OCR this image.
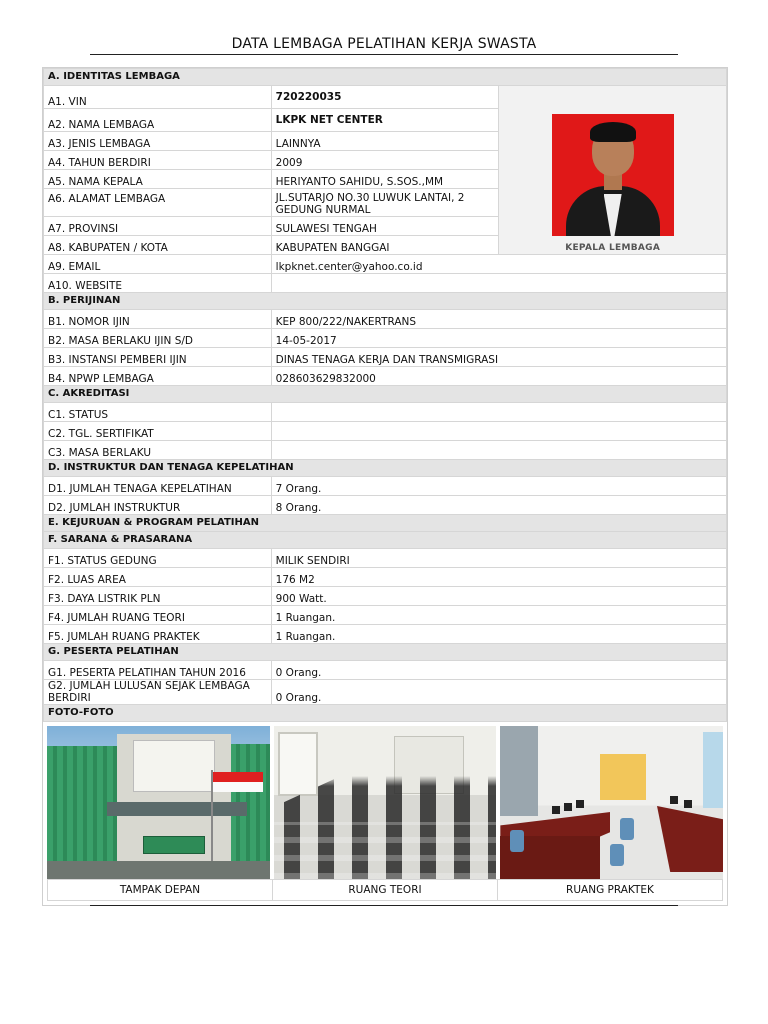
DATA LEMBAGA PELATIHAN KERJA SWASTA
A. IDENTITAS LEMBAGA		
A1. VIN	720220035	KEPALA LEMBAGA

A2. NAMA LEMBAGA	LKPK NET CENTER	
A3. JENIS LEMBAGA	LAINNYA	
A4. TAHUN BERDIRI	2009	
A5. NAMA KEPALA	HERIYANTO SAHIDU, S.SOS.,MM	
A6. ALAMAT LEMBAGA	JL.SUTARJO NO.30 LUWUK LANTAI, 2 GEDUNG NURMAL	
A7. PROVINSI	SULAWESI TENGAH	
A8. KABUPATEN / KOTA	KABUPATEN BANGGAI	
A9. EMAIL	lkpknet.center@yahoo.co.id	
A10. WEBSITE		
B. PERIJINAN		
B1. NOMOR IJIN	KEP 800/222/NAKERTRANS	
B2. MASA BERLAKU IJIN S/D	14-05-2017	
B3. INSTANSI PEMBERI IJIN	DINAS TENAGA KERJA DAN TRANSMIGRASI	
B4. NPWP LEMBAGA	028603629832000	
C. AKREDITASI		
C1. STATUS		
C2. TGL. SERTIFIKAT		
C3. MASA BERLAKU		
D. INSTRUKTUR DAN TENAGA KEPELATIHAN		
D1. JUMLAH TENAGA KEPELATIHAN	7 Orang.	
D2. JUMLAH INSTRUKTUR	8 Orang.	
E. KEJURUAN & PROGRAM PELATIHAN		
F. SARANA & PRASARANA		
F1. STATUS GEDUNG	MILIK SENDIRI	
F2. LUAS AREA	176 M2	
F3. DAYA LISTRIK PLN	900 Watt.	
F4. JUMLAH RUANG TEORI	1 Ruangan.	
F5. JUMLAH RUANG PRAKTEK	1 Ruangan.	
G. PESERTA PELATIHAN		
G1. PESERTA PELATIHAN TAHUN 2016	0 Orang.	
G2. JUMLAH LULUSAN SEJAK LEMBAGA BERDIRI	0 Orang.	
FOTO-FOTO		
TAMPAK DEPAN	RUANG TEORI	RUANG PRAKTEK
